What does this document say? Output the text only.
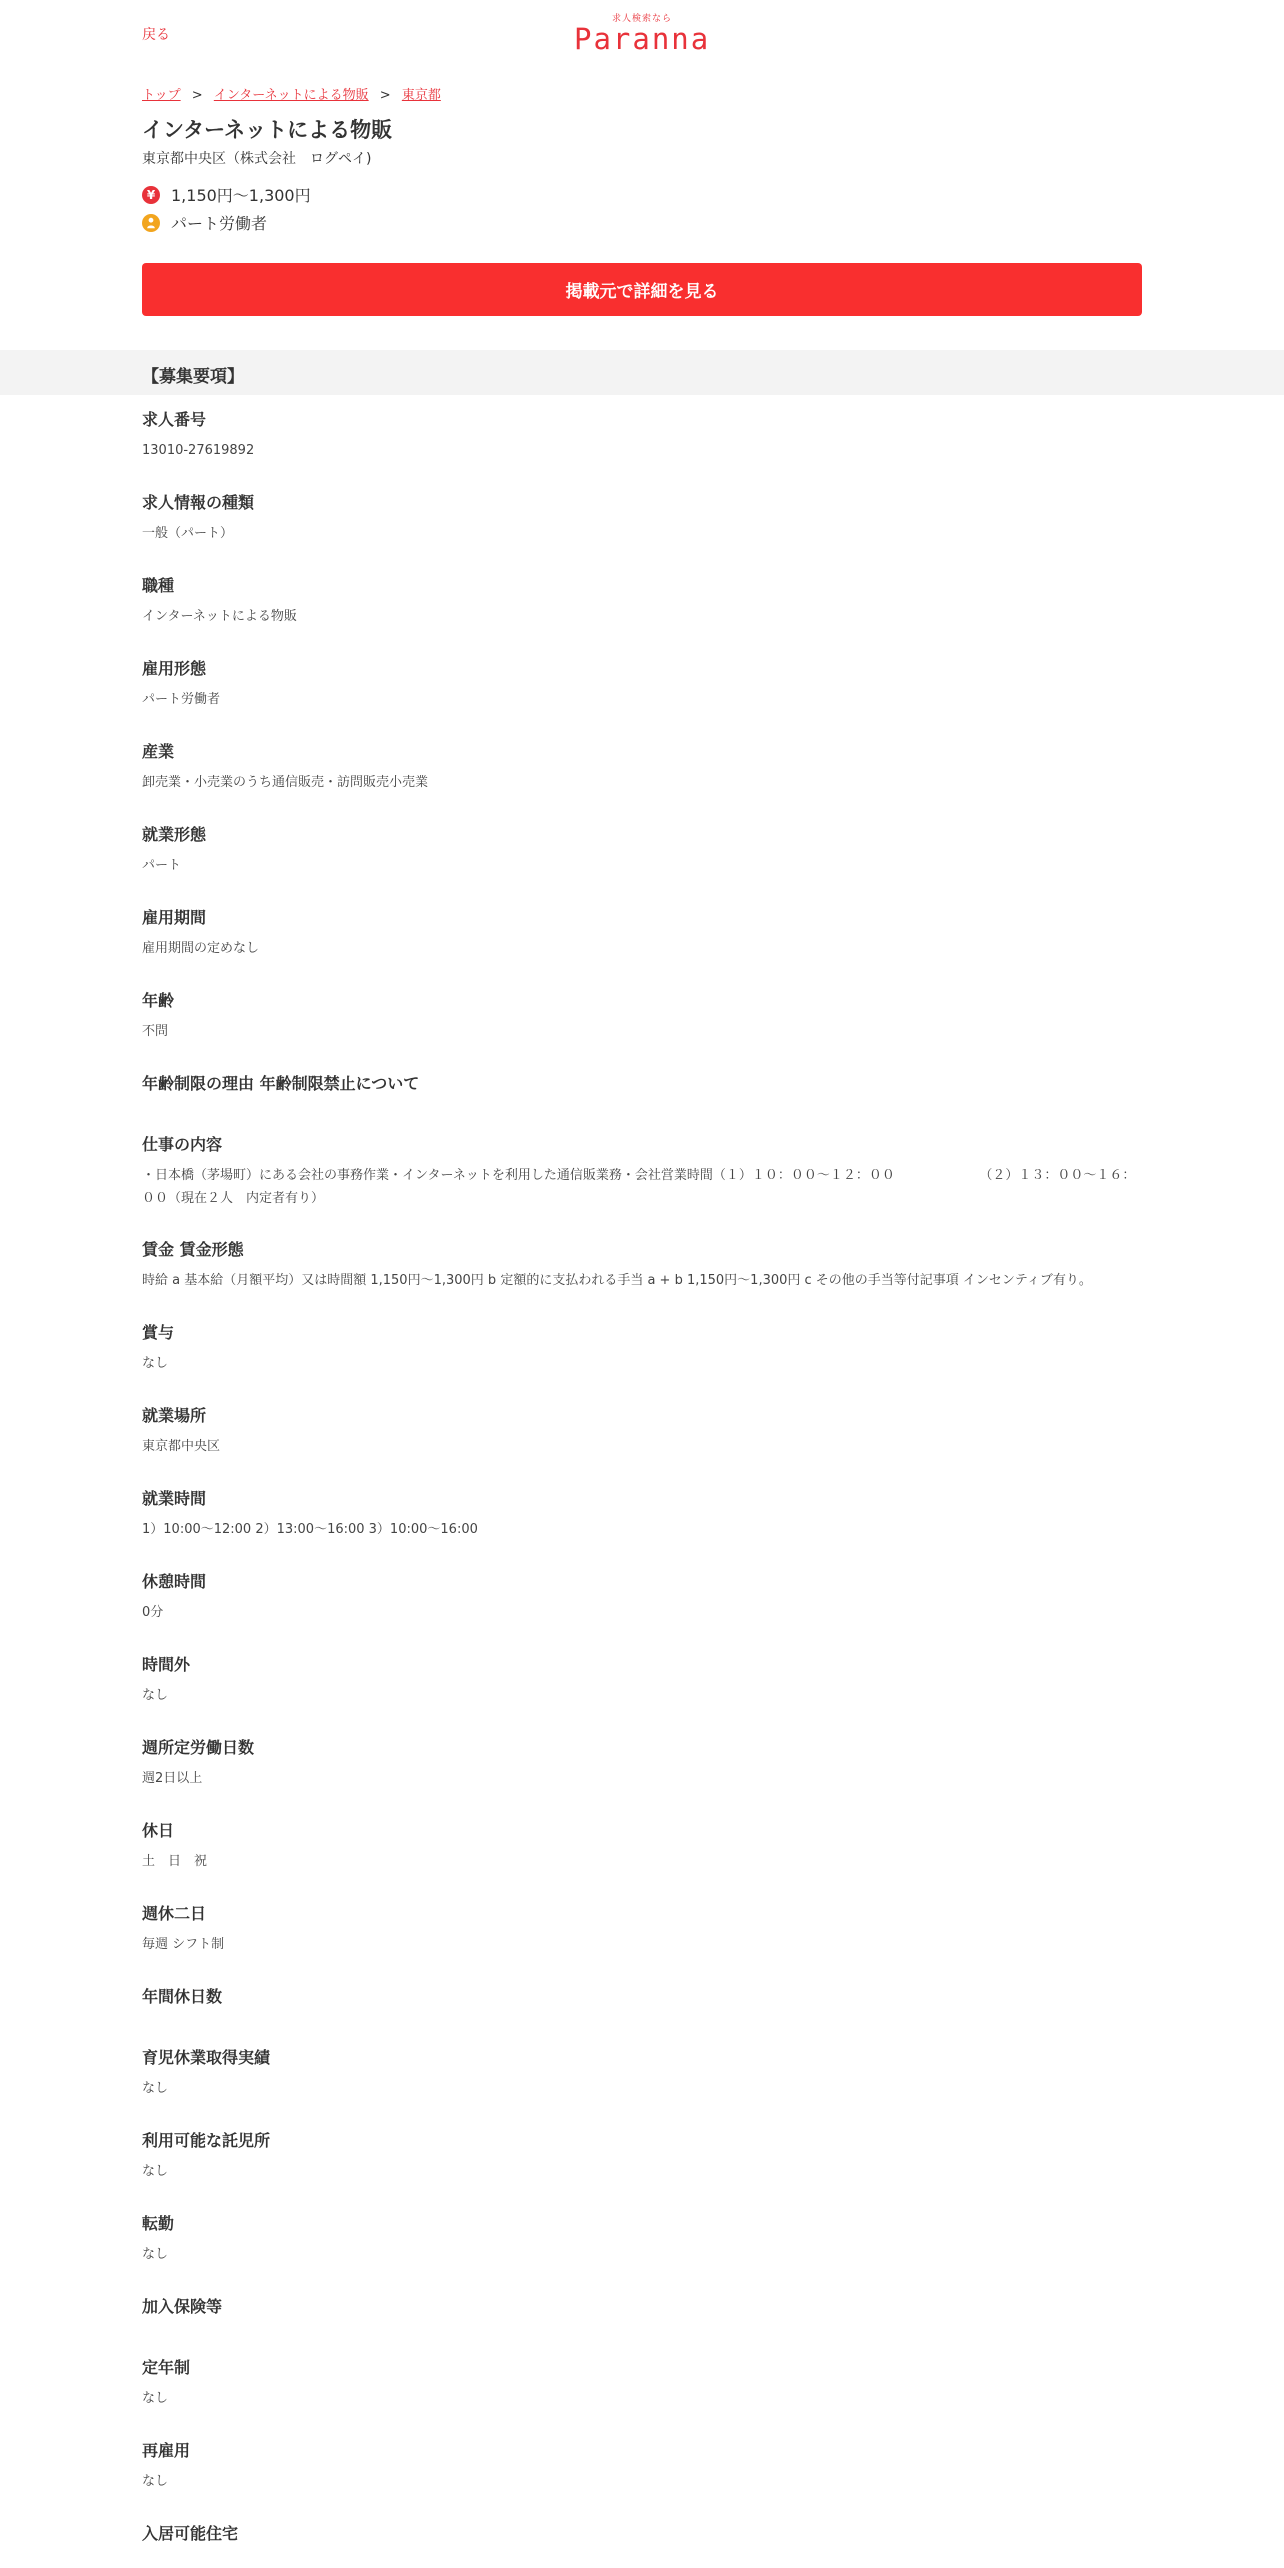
戻る
求人検索なら
Paranna
トップ > インターネットによる物販 > 東京都
インターネットによる物販
東京都中央区（株式会社　ログペイ)
¥ 1,150円～1,300円
パート労働者
掲載元で詳細を見る
【募集要項】
求人番号
13010-27619892
求人情報の種類
一般（パート）
職種
インターネットによる物販
雇用形態
パート労働者
産業
卸売業・小売業のうち通信販売・訪問販売小売業
就業形態
パート
雇用期間
雇用期間の定めなし
年齢
不問
年齢制限の理由 年齢制限禁止について
仕事の内容
・日本橋（茅場町）にある会社の事務作業・インターネットを利用した通信販業務・会社営業時間（１）１０：００～１２：００　　　　　　　（２）１３：００～１６：００（現在２人　内定者有り）
賃金 賃金形態
時給 a 基本給（月額平均）又は時間額 1,150円～1,300円 b 定額的に支払われる手当 a + b 1,150円～1,300円 c その他の手当等付記事項 インセンティブ有り。
賞与
なし
就業場所
東京都中央区
就業時間
1）10:00～12:00 2）13:00～16:00 3）10:00～16:00
休憩時間
0分
時間外
なし
週所定労働日数
週2日以上
休日
土　日　祝
週休二日
毎週 シフト制
年間休日数
育児休業取得実績
なし
利用可能な託児所
なし
転勤
なし
加入保険等
定年制
なし
再雇用
なし
入居可能住宅
